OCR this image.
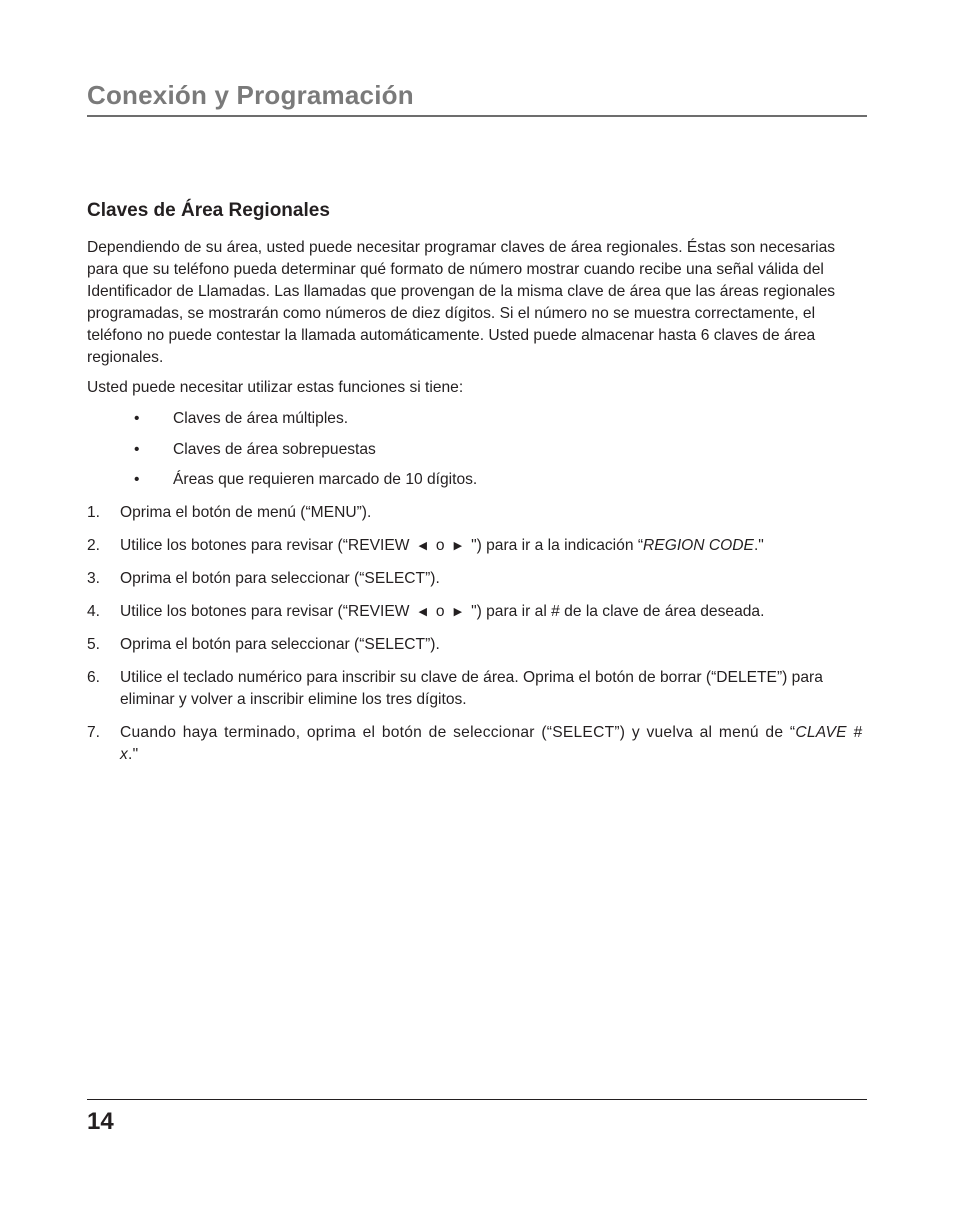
Conexión y Programación
Claves de Área Regionales

Dependiendo de su área, usted puede necesitar programar claves de área regionales. Éstas son necesarias para que su teléfono pueda determinar qué formato de número mostrar cuando recibe una señal válida del Identificador de Llamadas. Las llamadas que provengan de la misma clave de área que las áreas regionales programadas, se mostrarán como números de diez dígitos. Si el número no se muestra correctamente, el teléfono no puede contestar la llamada automáticamente. Usted puede almacenar hasta 6 claves de área regionales.

Usted puede necesitar utilizar estas funciones si tiene:

• Claves de área múltiples.
• Claves de área sobrepuestas
• Áreas que requieren marcado de 10 dígitos.
1. Oprima el botón de menú (“MENU”).
2. Utilice los botones para revisar (“REVIEW ◀ o ▶ ") para ir a la indicación “REGION CODE."
3. Oprima el botón para seleccionar (“SELECT”).
4. Utilice los botones para revisar (“REVIEW ◀ o ▶ ") para ir al # de la clave de área deseada.
5. Oprima el botón para seleccionar (“SELECT”).
6. Utilice el teclado numérico para inscribir su clave de área. Oprima el botón de borrar (“DELETE”) para eliminar y volver a inscribir elimine los tres dígitos.
7. Cuando haya terminado, oprima el botón de seleccionar (“SELECT”) y vuelva al menú de “CLAVE # x."

14
